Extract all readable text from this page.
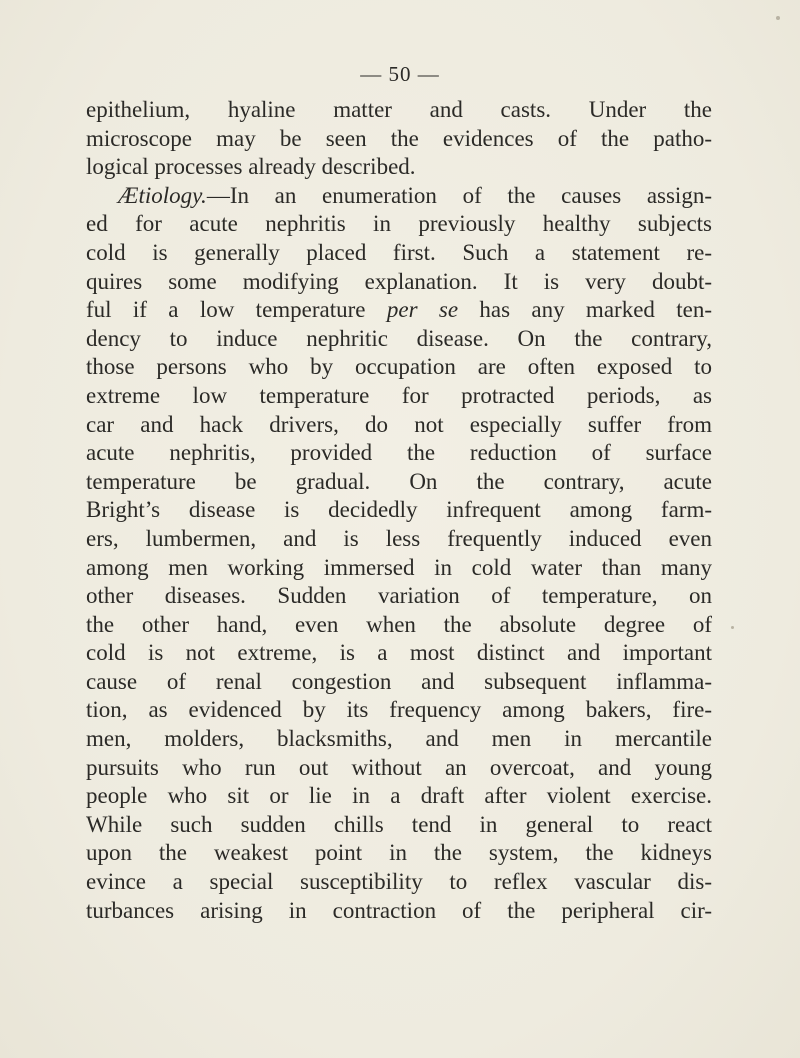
— 50 —
epithelium, hyaline matter and casts. Under the
microscope may be seen the evidences of the patho-
logical processes already described.
Ætiology.—In an enumeration of the causes assign-
ed for acute nephritis in previously healthy subjects
cold is generally placed first. Such a statement re-
quires some modifying explanation. It is very doubt-
ful if a low temperature per se has any marked ten-
dency to induce nephritic disease. On the contrary,
those persons who by occupation are often exposed to
extreme low temperature for protracted periods, as
car and hack drivers, do not especially suffer from
acute nephritis, provided the reduction of surface
temperature be gradual. On the contrary, acute
Bright’s disease is decidedly infrequent among farm-
ers, lumbermen, and is less frequently induced even
among men working immersed in cold water than many
other diseases. Sudden variation of temperature, on
the other hand, even when the absolute degree of
cold is not extreme, is a most distinct and important
cause of renal congestion and subsequent inflamma-
tion, as evidenced by its frequency among bakers, fire-
men, molders, blacksmiths, and men in mercantile
pursuits who run out without an overcoat, and young
people who sit or lie in a draft after violent exercise.
While such sudden chills tend in general to react
upon the weakest point in the system, the kidneys
evince a special susceptibility to reflex vascular dis-
turbances arising in contraction of the peripheral cir-
